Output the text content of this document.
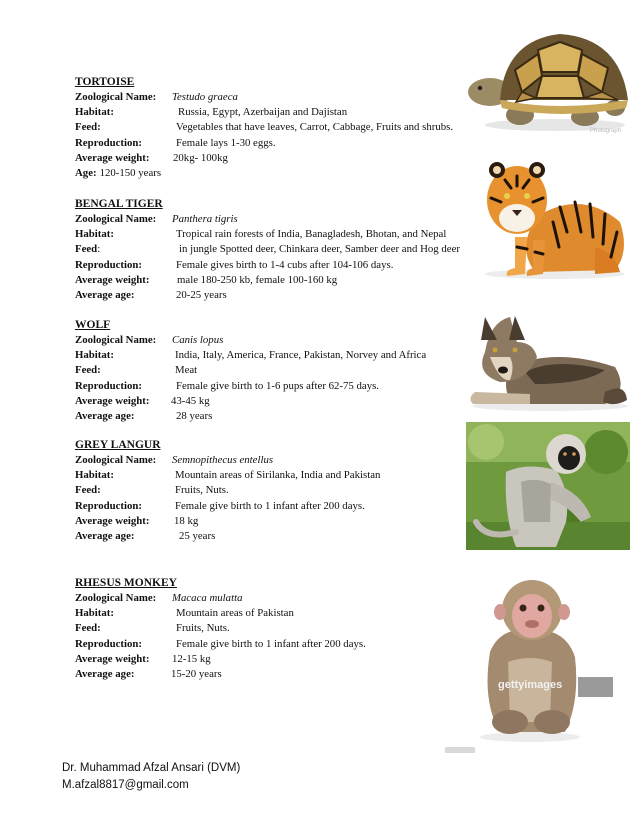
TORTOISE
Zoological Name:	Testudo graeca
Habitat:	Russia, Egypt, Azerbaijan and Dajistan
Feed:	Vegetables that have leaves, Carrot, Cabbage, Fruits and shrubs.
Reproduction:	Female lays 1-30 eggs.
Average weight:	20kg- 100kg
Age: 120-150 years
BENGAL TIGER
Zoological Name:	Panthera tigris
Habitat:	Tropical rain forests of India, Banagladesh, Bhotan, and Nepal
Feed:	in jungle Spotted deer, Chinkara deer, Samber deer and Hog deer
Reproduction:	Female gives birth to 1-4 cubs after 104-106 days.
Average weight:	male 180-250 kb, female 100-160 kg
Average age:	20-25 years
WOLF
Zoological Name:	Canis lopus
Habitat:	India, Italy, America, France, Pakistan, Norvey and Africa
Feed:	Meat
Reproduction:	Female give birth to 1-6 pups after 62-75 days.
Average weight:	43-45 kg
Average age:	28 years
GREY LANGUR
Zoological Name:	Semnopithecus entellus
Habitat:	Mountain areas of Sirilanka, India and Pakistan
Feed:	Fruits, Nuts.
Reproduction:	Female give birth to 1 infant after 200 days.
Average weight:	18 kg
Average age:	25 years
RHESUS MONKEY
Zoological Name:	Macaca mulatta
Habitat:	Mountain areas of Pakistan
Feed:	Fruits, Nuts.
Reproduction:	Female give birth to 1 infant after 200 days.
Average weight:	12-15 kg
Average age:	15-20 years
Photograph
gettyimages
Dr. Muhammad Afzal Ansari (DVM)
M.afzal8817@gmail.com
